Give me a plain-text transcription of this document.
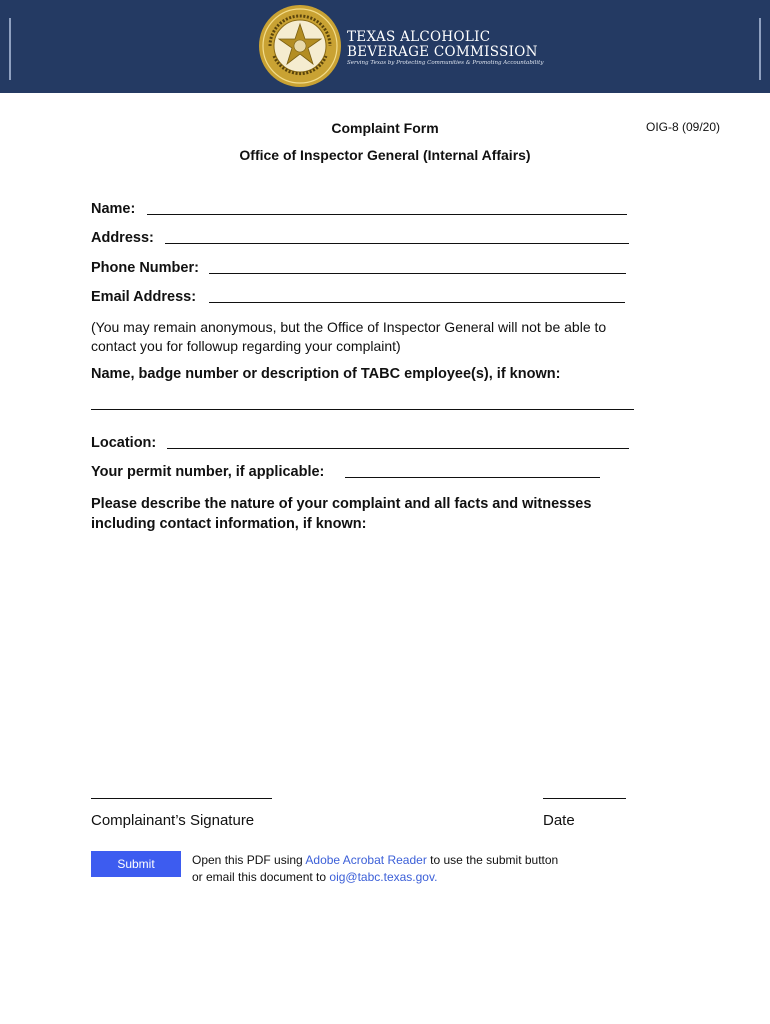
TEXAS ALCOHOLIC
BEVERAGE COMMISSION
Serving Texas by Protecting Communities & Promoting Accountability
Complaint Form	OIG-8 (09/20)
Office of Inspector General (Internal Affairs)
Name:
Address:
Phone Number:
Email Address:
(You may remain anonymous, but the Office of Inspector General will not be able to
contact you for followup regarding your complaint)
Name, badge number or description of TABC employee(s), if known:
Location:
Your permit number, if applicable:
Please describe the nature of your complaint and all facts and witnesses
including contact information, if known:
Complainant’s Signature	Date
Submit	Open this PDF using Adobe Acrobat Reader to use the submit button
or email this document to oig@tabc.texas.gov.
